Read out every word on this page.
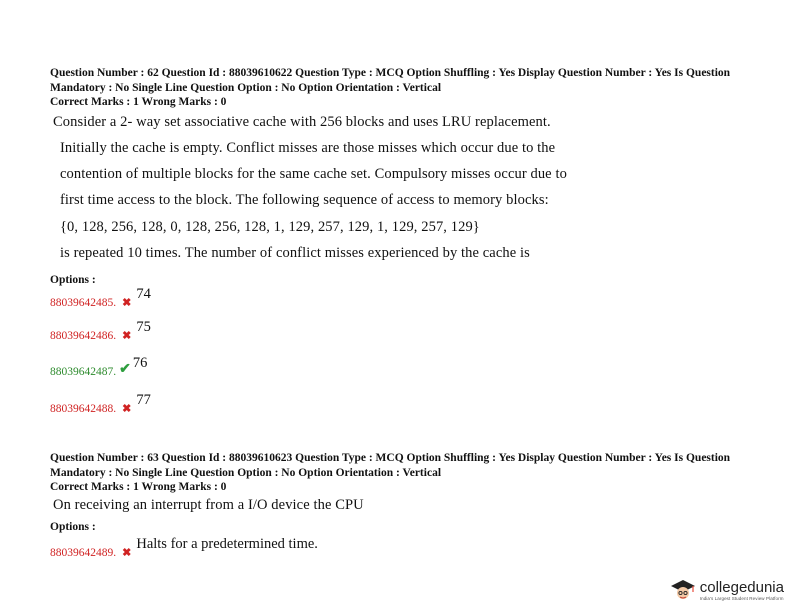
Question Number : 62 Question Id : 88039610622 Question Type : MCQ Option Shuffling : Yes Display Question Number : Yes Is Question Mandatory : No Single Line Question Option : No Option Orientation : Vertical
Correct Marks : 1 Wrong Marks : 0
Consider a 2- way set associative cache with 256 blocks and uses LRU replacement.
Initially the cache is empty. Conflict misses are those misses which occur due to the
contention of multiple blocks for the same cache set. Compulsory misses occur due to
first time access to the block. The following sequence of access to memory blocks:
{0, 128, 256, 128, 0, 128, 256, 128, 1, 129, 257, 129, 1, 129, 257, 129}
is repeated 10 times. The number of conflict misses experienced by the cache is
Options :
88039642485. ✖
74
88039642486. ✖
75
88039642487. ✔ 76
88039642488. ✖
77
Question Number : 63 Question Id : 88039610623 Question Type : MCQ Option Shuffling : Yes Display Question Number : Yes Is Question Mandatory : No Single Line Question Option : No Option Orientation : Vertical
Correct Marks : 1 Wrong Marks : 0
On receiving an interrupt from a I/O device the CPU
Options :
88039642489. ✖
Halts for a predetermined time.
collegedunia
India's Largest Student Review Platform
